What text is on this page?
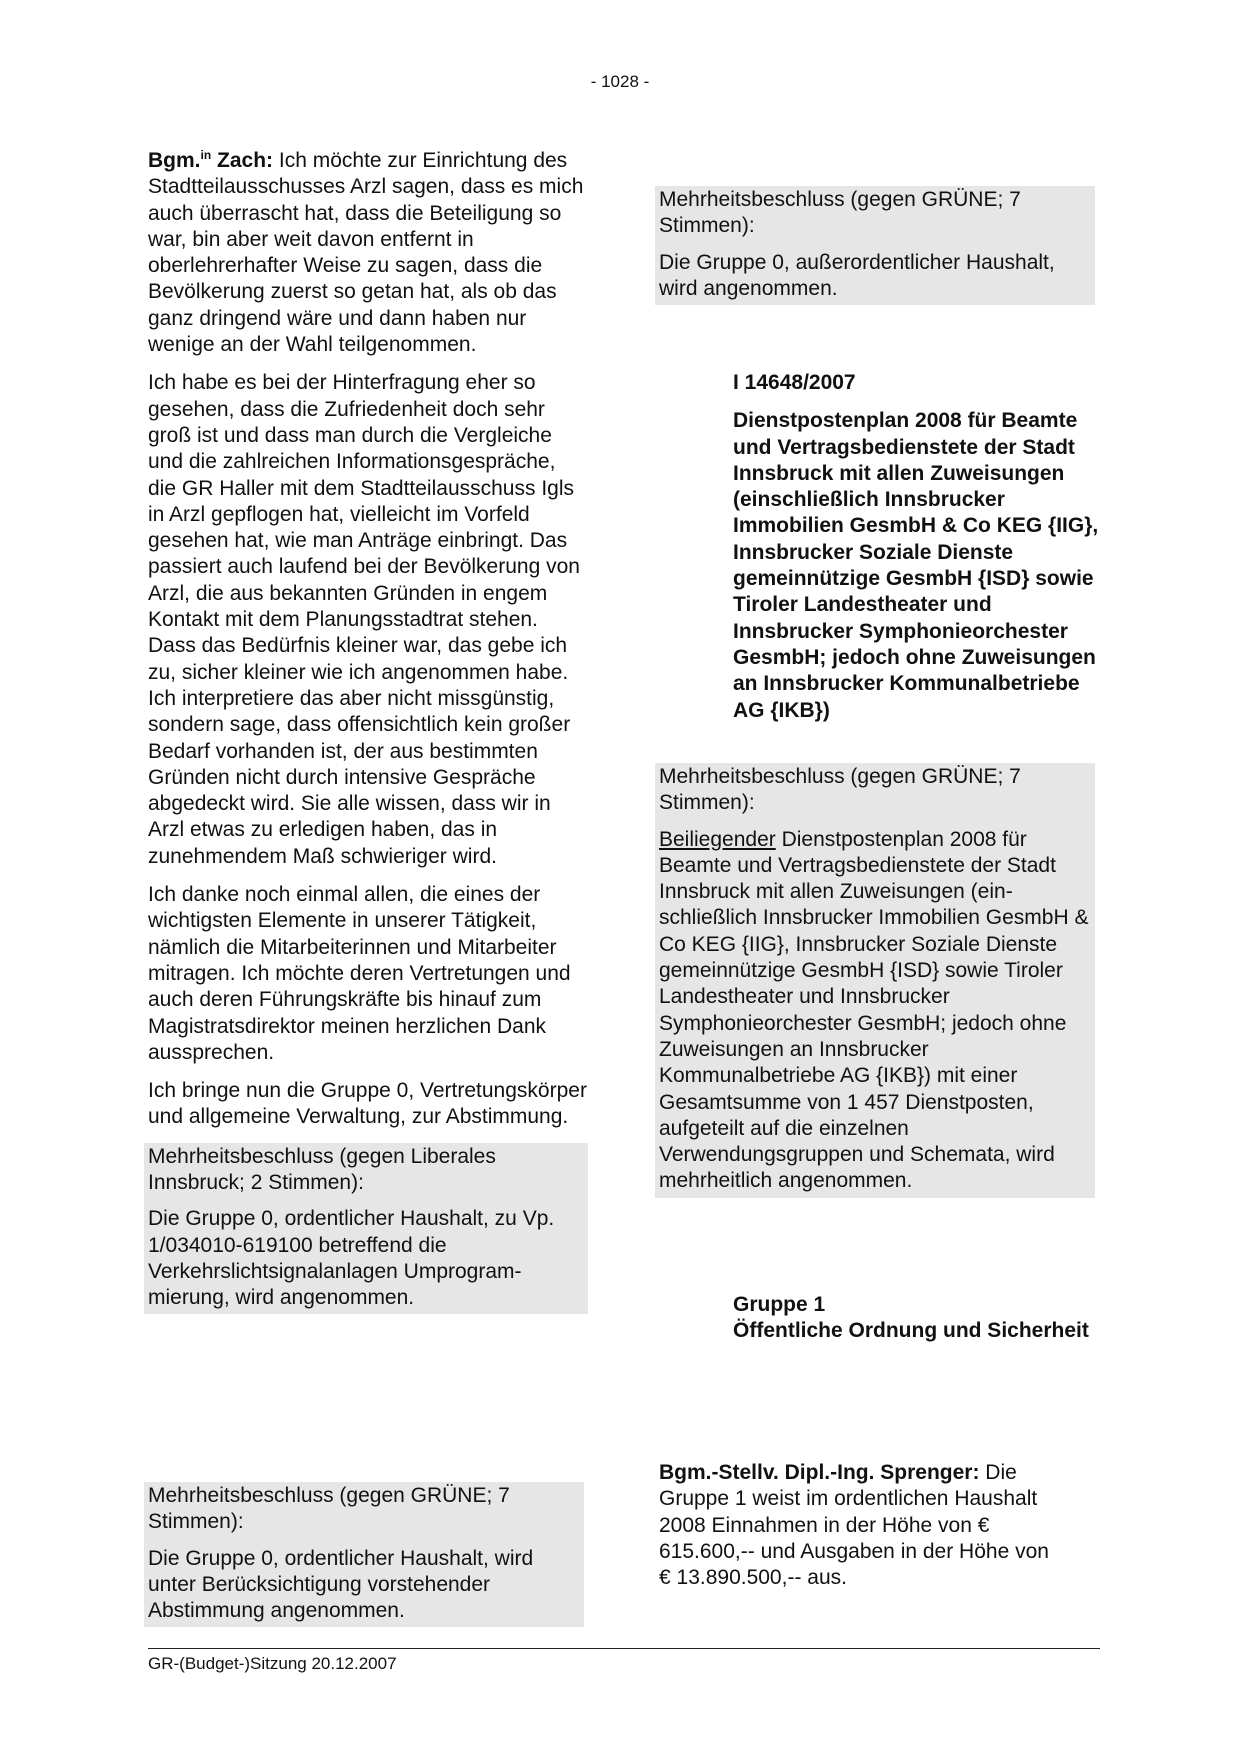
- 1028 -

Bgm.$^{in}$ Zach: Ich möchte zur Einrichtung des Stadtteilausschusses Arzl sagen, dass es mich auch überrascht hat, dass die Beteiligung so war, bin aber weit davon entfernt in oberlehrerhafter Weise zu sagen, dass die Bevölkerung zuerst so getan hat, als ob das ganz dringend wäre und dann haben nur wenige an der Wahl teilgenommen.

Ich habe es bei der Hinterfragung eher so gesehen, dass die Zufriedenheit doch sehr groß ist und dass man durch die Vergleiche und die zahlreichen Informationsgespräche, die GR Haller mit dem Stadtteilausschuss Igls in Arzl gepflogen hat, vielleicht im Vorfeld gesehen hat, wie man Anträge einbringt. Das passiert auch laufend bei der Bevölkerung von Arzl, die aus bekannten Gründen in engem Kontakt mit dem Planungsstadtrat stehen. Dass das Bedürfnis kleiner war, das gebe ich zu, sicher kleiner wie ich angenommen habe. Ich interpretiere das aber nicht missgünstig, sondern sage, dass offensichtlich kein großer Bedarf vorhanden ist, der aus bestimmten Gründen nicht durch intensive Gespräche abgedeckt wird. Sie alle wissen, dass wir in Arzl etwas zu erledigen haben, das in zunehmendem Maß schwieriger wird.

Ich danke noch einmal allen, die eines der wichtigsten Elemente in unserer Tätigkeit, nämlich die Mitarbeiterinnen und Mitarbeiter mitragen. Ich möchte deren Vertretungen und auch deren Führungskräfte bis hinauf zum Magistratsdirektor meinen herzlichen Dank aussprechen.

Ich bringe nun die Gruppe 0, Vertretungskörper und allgemeine Verwaltung, zur Abstimmung.

Mehrheitsbeschluss (gegen Liberales Innsbruck; 2 Stimmen):

Die Gruppe 0, ordentlicher Haushalt, zu Vp. 1/034010-619100 betreffend die Verkehrslichtsignalanlagen Umprogrammierung, wird angenommen.

Mehrheitsbeschluss (gegen GRÜNE; 7 Stimmen):

Die Gruppe 0, ordentlicher Haushalt, wird unter Berücksichtigung vorstehender Abstimmung angenommen.

Mehrheitsbeschluss (gegen GRÜNE; 7 Stimmen):

Die Gruppe 0, außerordentlicher Haushalt, wird angenommen.

I 14648/2007

Dienstpostenplan 2008 für Beamte und Vertragsbedienstete der Stadt Innsbruck mit allen Zuweisungen (einschließlich Innsbrucker Immobilien GesmbH & Co KEG {IIG}, Innsbrucker Soziale Dienste gemeinnützige GesmbH {ISD} sowie Tiroler Landestheater und Innsbrucker Symphonieorchester GesmbH; jedoch ohne Zuweisungen an Innsbrucker Kommunalbetriebe AG {IKB})

Mehrheitsbeschluss (gegen GRÜNE; 7 Stimmen):

Beiliegender Dienstpostenplan 2008 für Beamte und Vertragsbedienstete der Stadt Innsbruck mit allen Zuweisungen (einschließlich Innsbrucker Immobilien GesmbH & Co KEG {IIG}, Innsbrucker Soziale Dienste gemeinnützige GesmbH {ISD} sowie Tiroler Landestheater und Innsbrucker Symphonieorchester GesmbH; jedoch ohne Zuweisungen an Innsbrucker Kommunalbetriebe AG {IKB}) mit einer Gesamtsumme von 1 457 Dienstposten, aufgeteilt auf die einzelnen Verwendungsgruppen und Schemata, wird mehrheitlich angenommen.

Gruppe 1
Öffentliche Ordnung und Sicherheit

Bgm.-Stellv. Dipl.-Ing. Sprenger: Die Gruppe 1 weist im ordentlichen Haushalt 2008 Einnahmen in der Höhe von € 615.600,-- und Ausgaben in der Höhe von € 13.890.500,-- aus.

GR-(Budget-)Sitzung 20.12.2007
